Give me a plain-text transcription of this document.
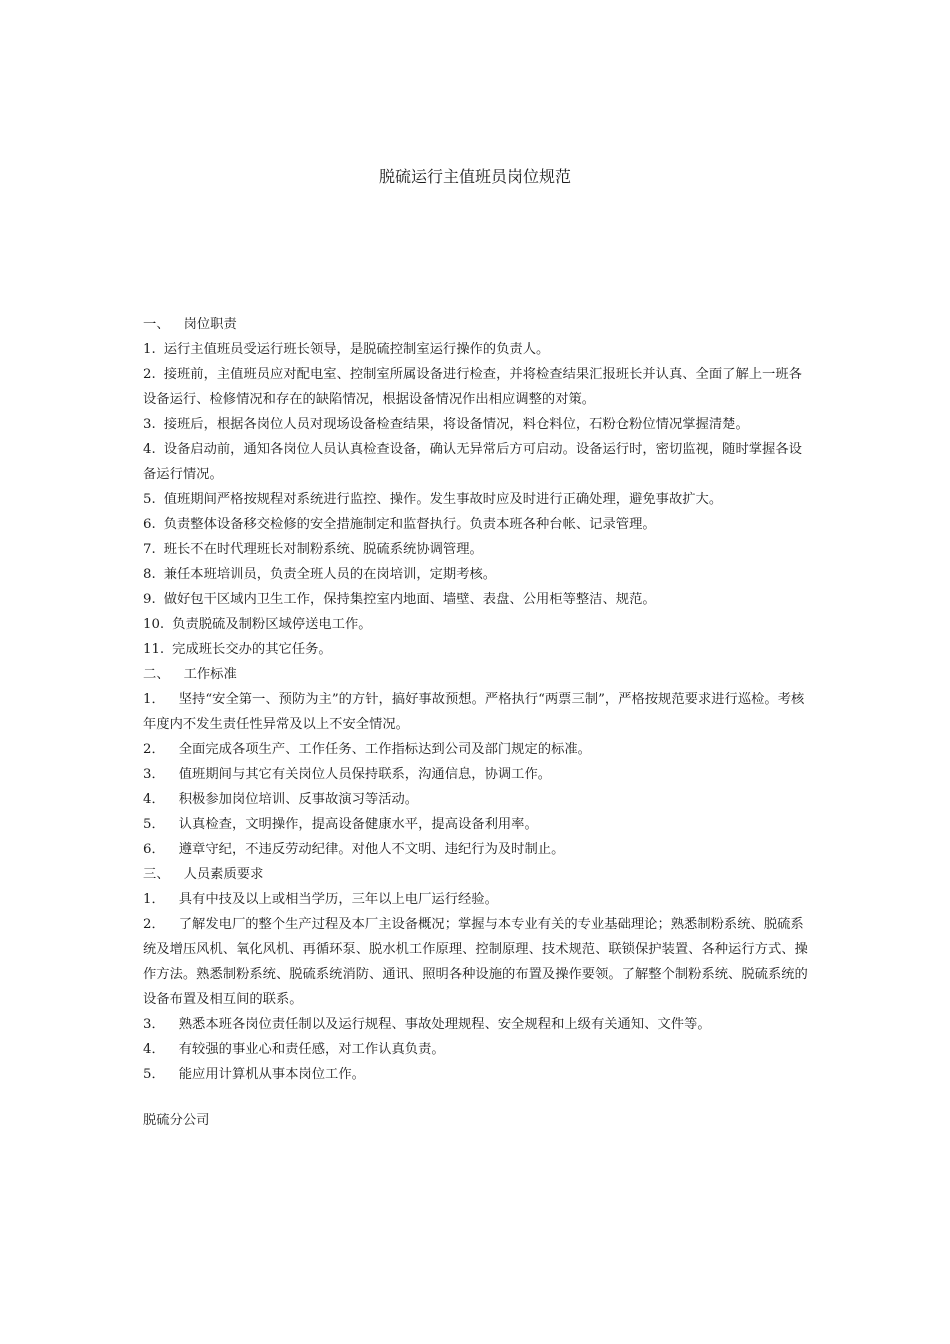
脱硫运行主值班员岗位规范
一、 岗位职责
1. 运行主值班员受运行班长领导，是脱硫控制室运行操作的负责人。
2. 接班前，主值班员应对配电室、控制室所属设备进行检查，并将检查结果汇报班长并认真、全面了解上一班各设备运行、检修情况和存在的缺陷情况，根据设备情况作出相应调整的对策。
3. 接班后，根据各岗位人员对现场设备检查结果，将设备情况，料仓料位，石粉仓粉位情况掌握清楚。
4. 设备启动前，通知各岗位人员认真检查设备，确认无异常后方可启动。设备运行时，密切监视，随时掌握各设备运行情况。
5. 值班期间严格按规程对系统进行监控、操作。发生事故时应及时进行正确处理，避免事故扩大。
6. 负责整体设备移交检修的安全措施制定和监督执行。负责本班各种台帐、记录管理。
7. 班长不在时代理班长对制粉系统、脱硫系统协调管理。
8. 兼任本班培训员，负责全班人员的在岗培训，定期考核。
9. 做好包干区域内卫生工作，保持集控室内地面、墙壁、表盘、公用柜等整洁、规范。
10. 负责脱硫及制粉区域停送电工作。
11. 完成班长交办的其它任务。
二、 工作标准
1． 坚持“安全第一、预防为主”的方针，搞好事故预想。严格执行“两票三制”，严格按规范要求进行巡检。考核年度内不发生责任性异常及以上不安全情况。
2． 全面完成各项生产、工作任务、工作指标达到公司及部门规定的标准。
3． 值班期间与其它有关岗位人员保持联系，沟通信息，协调工作。
4． 积极参加岗位培训、反事故演习等活动。
5． 认真检查，文明操作，提高设备健康水平，提高设备利用率。
6． 遵章守纪，不违反劳动纪律。对他人不文明、违纪行为及时制止。
三、 人员素质要求
1． 具有中技及以上或相当学历，三年以上电厂运行经验。
2． 了解发电厂的整个生产过程及本厂主设备概况；掌握与本专业有关的专业基础理论；熟悉制粉系统、脱硫系统及增压风机、氧化风机、再循环泵、脱水机工作原理、控制原理、技术规范、联锁保护装置、各种运行方式、操作方法。熟悉制粉系统、脱硫系统消防、通讯、照明各种设施的布置及操作要领。了解整个制粉系统、脱硫系统的设备布置及相互间的联系。
3． 熟悉本班各岗位责任制以及运行规程、事故处理规程、安全规程和上级有关通知、文件等。
4． 有较强的事业心和责任感，对工作认真负责。
5． 能应用计算机从事本岗位工作。
脱硫分公司
